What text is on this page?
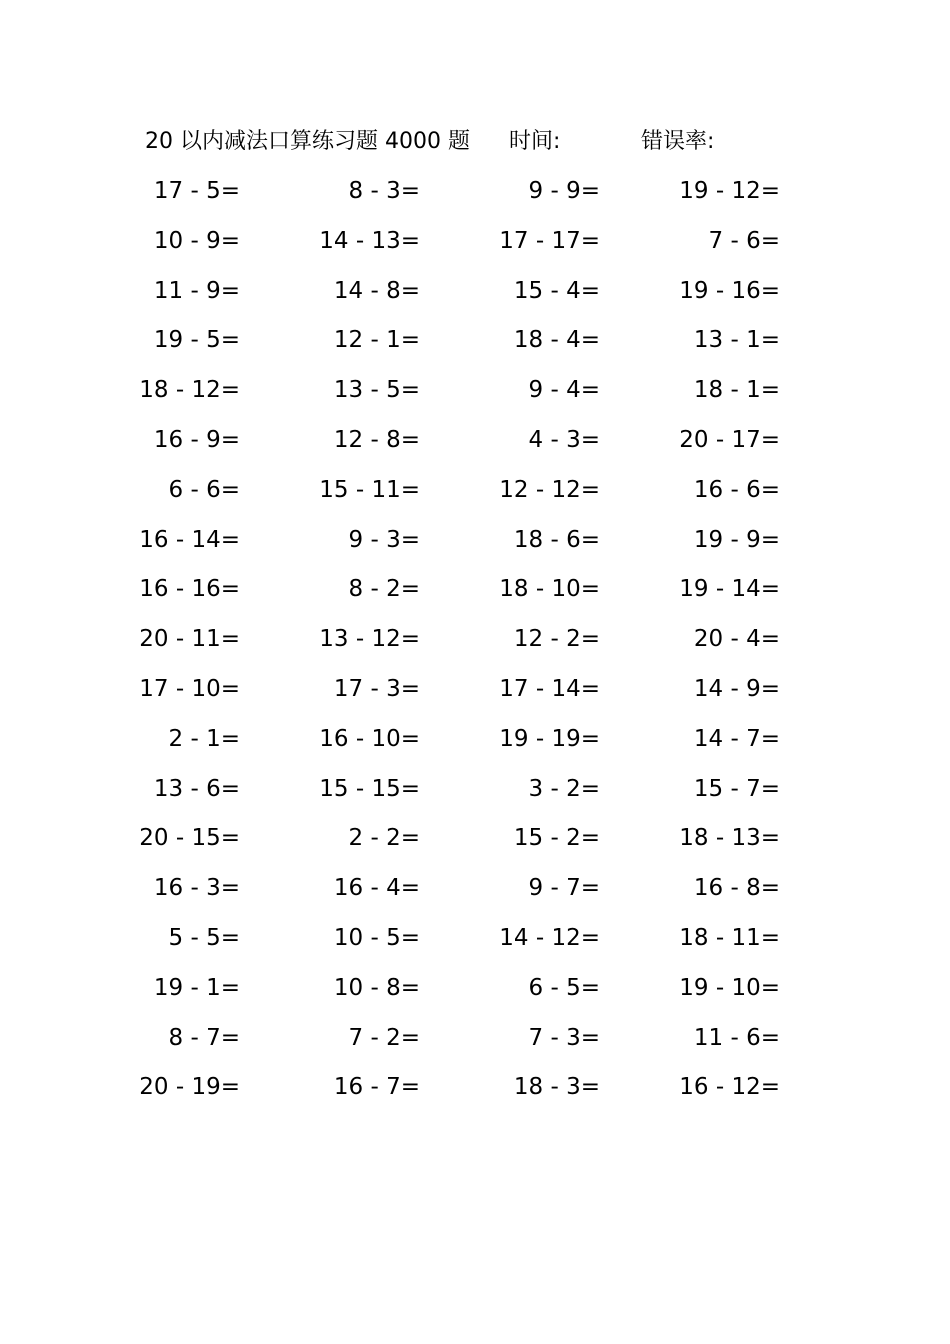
20 以内减法口算练习题 4000 题 时间:	错误率:
17 - 5=	8 - 3=	9 - 9=	19 - 12=
10 - 9=	14 - 13=	17 - 17=	7 - 6=
11 - 9=	14 - 8=	15 - 4=	19 - 16=
19 - 5=	12 - 1=	18 - 4=	13 - 1=
18 - 12=	13 - 5=	9 - 4=	18 - 1=
16 - 9=	12 - 8=	4 - 3=	20 - 17=
6 - 6=	15 - 11=	12 - 12=	16 - 6=
16 - 14=	9 - 3=	18 - 6=	19 - 9=
16 - 16=	8 - 2=	18 - 10=	19 - 14=
20 - 11=	13 - 12=	12 - 2=	20 - 4=
17 - 10=	17 - 3=	17 - 14=	14 - 9=
2 - 1=	16 - 10=	19 - 19=	14 - 7=
13 - 6=	15 - 15=	3 - 2=	15 - 7=
20 - 15=	2 - 2=	15 - 2=	18 - 13=
16 - 3=	16 - 4=	9 - 7=	16 - 8=
5 - 5=	10 - 5=	14 - 12=	18 - 11=
19 - 1=	10 - 8=	6 - 5=	19 - 10=
8 - 7=	7 - 2=	7 - 3=	11 - 6=
20 - 19=	16 - 7=	18 - 3=	16 - 12=
